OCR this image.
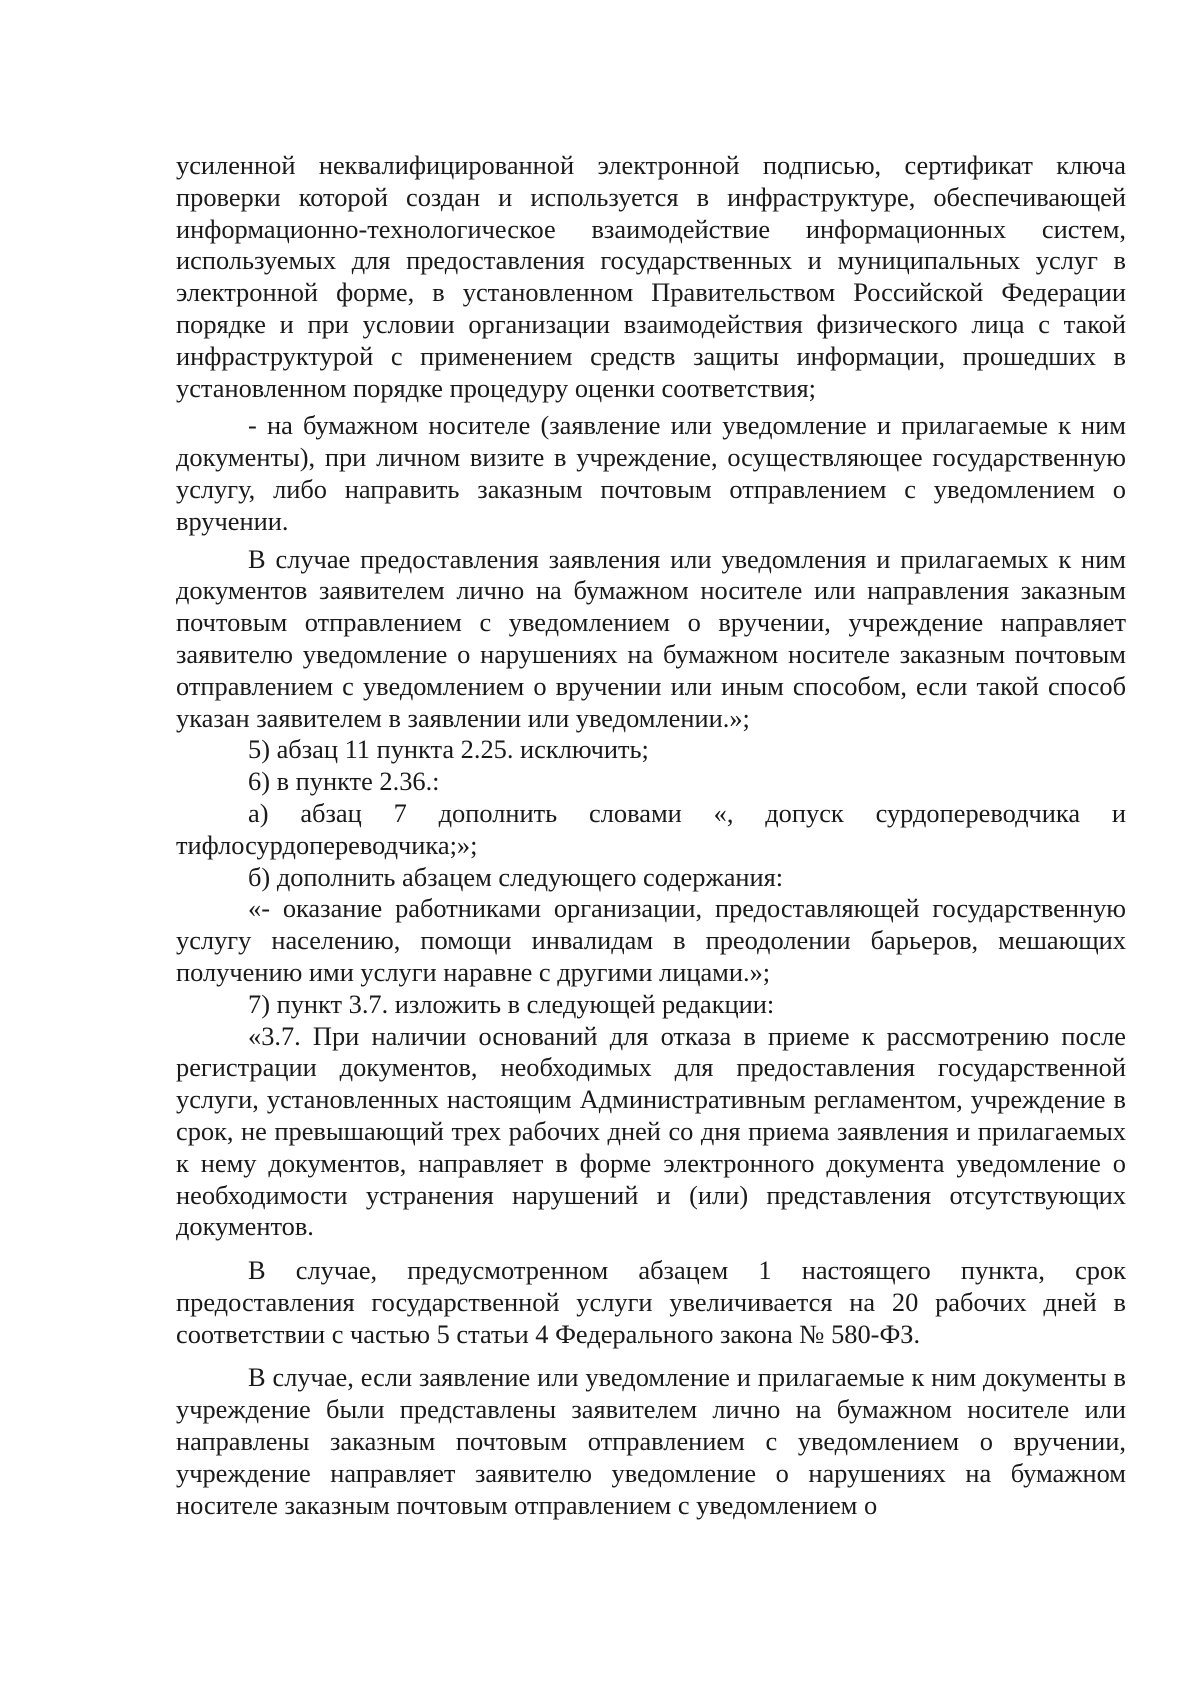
усиленной неквалифицированной электронной подписью, сертификат ключа проверки которой создан и используется в инфраструктуре, обеспечивающей информационно-технологическое взаимодействие информационных систем, используемых для предоставления государственных и муниципальных услуг в электронной форме, в установленном Правительством Российской Федерации порядке и при условии организации взаимодействия физического лица с такой инфраструктурой с применением средств защиты информации, прошедших в установленном порядке процедуру оценки соответствия;

- на бумажном носителе (заявление или уведомление и прилагаемые к ним документы), при личном визите в учреждение, осуществляющее государственную услугу, либо направить заказным почтовым отправлением с уведомлением о вручении.

В случае предоставления заявления или уведомления и прилагаемых к ним документов заявителем лично на бумажном носителе или направления заказным почтовым отправлением с уведомлением о вручении, учреждение направляет заявителю уведомление о нарушениях на бумажном носителе заказным почтовым отправлением с уведомлением о вручении или иным способом, если такой способ указан заявителем в заявлении или уведомлении.»;

5) абзац 11 пункта 2.25. исключить;

6) в пункте 2.36.:

а) абзац 7 дополнить словами «, допуск сурдопереводчика и тифлосурдопереводчика;»;

б) дополнить абзацем следующего содержания:

«- оказание работниками организации, предоставляющей государственную услугу населению, помощи инвалидам в преодолении барьеров, мешающих получению ими услуги наравне с другими лицами.»;

7) пункт 3.7. изложить в следующей редакции:

«3.7. При наличии оснований для отказа в приеме к рассмотрению после регистрации документов, необходимых для предоставления государственной услуги, установленных настоящим Административным регламентом, учреждение в срок, не превышающий трех рабочих дней со дня приема заявления и прилагаемых к нему документов, направляет в форме электронного документа уведомление о необходимости устранения нарушений и (или) представления отсутствующих документов.

В случае, предусмотренном абзацем 1 настоящего пункта, срок предоставления государственной услуги увеличивается на 20 рабочих дней в соответствии с частью 5 статьи 4 Федерального закона № 580-ФЗ.

В случае, если заявление или уведомление и прилагаемые к ним документы в учреждение были представлены заявителем лично на бумажном носителе или направлены заказным почтовым отправлением с уведомлением о вручении, учреждение направляет заявителю уведомление о нарушениях на бумажном носителе заказным почтовым отправлением с уведомлением о
